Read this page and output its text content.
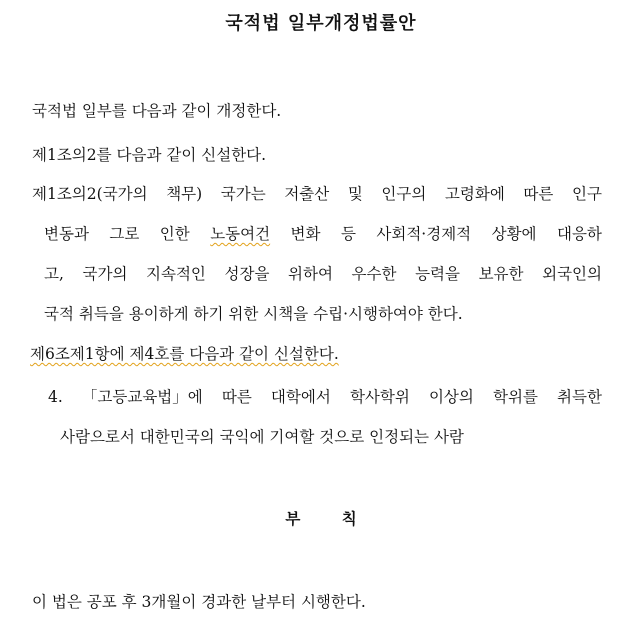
국적법 일부개정법률안
국적법 일부를 다음과 같이 개정한다.
제1조의2를 다음과 같이 신설한다.
제1조의2(국가의 책무) 국가는 저출산 및 인구의 고령화에 따른 인구
변동과 그로 인한 노동여건 변화 등 사회적·경제적 상황에 대응하
고, 국가의 지속적인 성장을 위하여 우수한 능력을 보유한 외국인의
국적 취득을 용이하게 하기 위한 시책을 수립·시행하여야 한다.
제6조제1항에 제4호를 다음과 같이 신설한다.
4. 「고등교육법」에 따른 대학에서 학사학위 이상의 학위를 취득한
사람으로서 대한민국의 국익에 기여할 것으로 인정되는 사람
부 칙
이 법은 공포 후 3개월이 경과한 날부터 시행한다.
